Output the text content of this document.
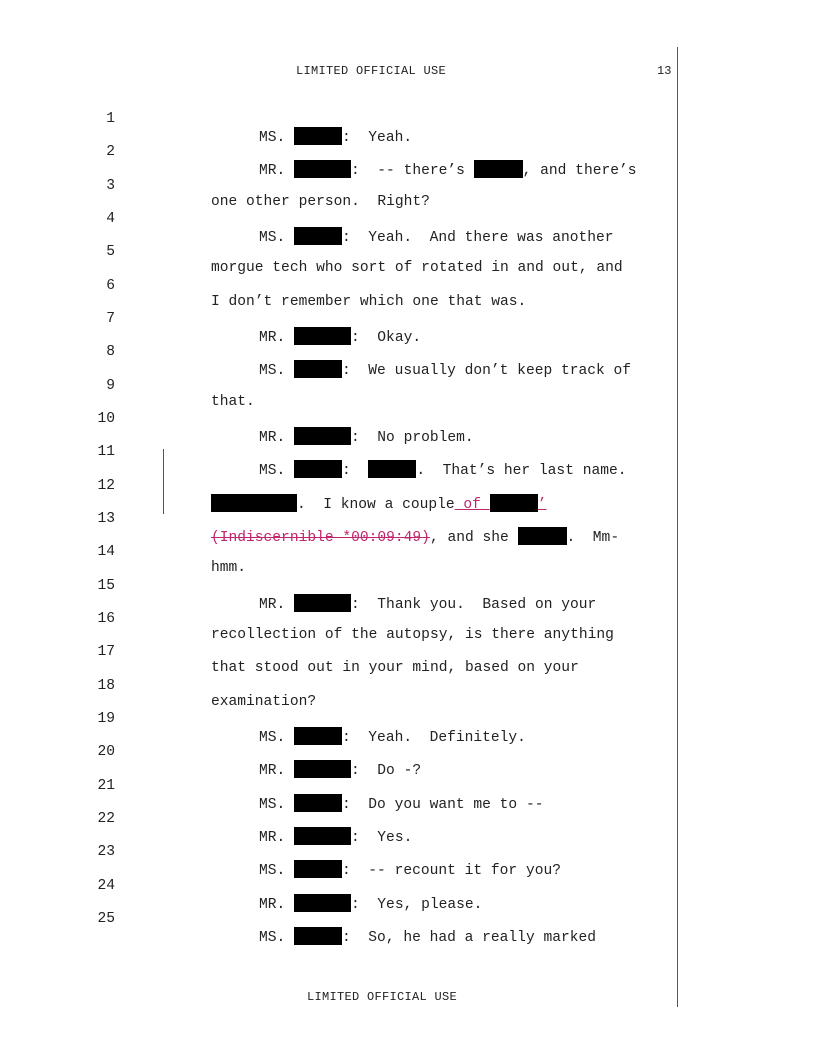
LIMITED OFFICIAL USE	13

1

MS.	:  Yeah.

2

MR.	:  -- there’s	, and there’s

3

one other person.  Right?

4

MS.	:  Yeah.  And there was another

5

morgue tech who sort of rotated in and out, and

6

I don’t remember which one that was.

7

MR.	:  Okay.

8

MS.	:  We usually don’t keep track of

9

that.

10

MR.	:  No problem.

11

MS.	:	.  That’s her last name.

12

.  I know a couple of	’

13

(Indiscernible *00:09:49), and she	.  Mm-

14

hmm.

15

MR.	:  Thank you.  Based on your

16

recollection of the autopsy, is there anything

17

that stood out in your mind, based on your

18

examination?

19

MS.	:  Yeah.  Definitely.

20

MR.	:  Do -?

21

MS.	:  Do you want me to --

22

MR.	:  Yes.

23

MS.	:  -- recount it for you?

24

MR.	:  Yes, please.

25

MS.	:  So, he had a really marked

LIMITED OFFICIAL USE
